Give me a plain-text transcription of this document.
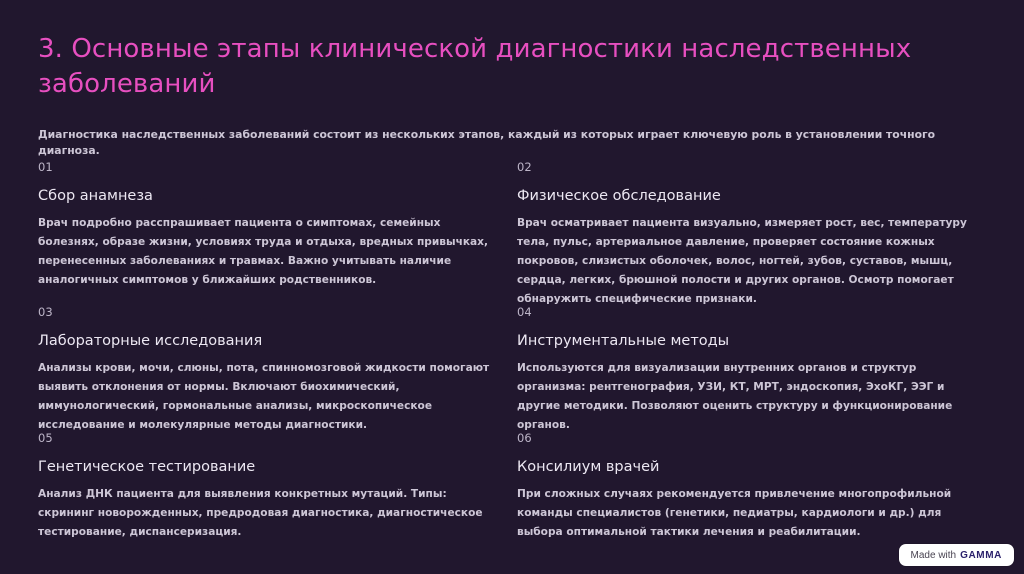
3. Основные этапы клинической диагностики наследственных заболеваний

Диагностика наследственных заболеваний состоит из нескольких этапов, каждый из которых играет ключевую роль в установлении точного диагноза.

01

Сбор анамнеза

Врач подробно расспрашивает пациента о симптомах, семейных болезнях, образе жизни, условиях труда и отдыха, вредных привычках, перенесенных заболеваниях и травмах. Важно учитывать наличие аналогичных симптомов у ближайших родственников.

02

Физическое обследование

Врач осматривает пациента визуально, измеряет рост, вес, температуру тела, пульс, артериальное давление, проверяет состояние кожных покровов, слизистых оболочек, волос, ногтей, зубов, суставов, мышц, сердца, легких, брюшной полости и других органов. Осмотр помогает обнаружить специфические признаки.

03

Лабораторные исследования

Анализы крови, мочи, слюны, пота, спинномозговой жидкости помогают выявить отклонения от нормы. Включают биохимический, иммунологический, гормональные анализы, микроскопическое исследование и молекулярные методы диагностики.

04

Инструментальные методы

Используются для визуализации внутренних органов и структур организма: рентгенография, УЗИ, КТ, МРТ, эндоскопия, ЭхоКГ, ЭЭГ и другие методики. Позволяют оценить структуру и функционирование органов.

05

Генетическое тестирование

Анализ ДНК пациента для выявления конкретных мутаций. Типы: скрининг новорожденных, предродовая диагностика, диагностическое тестирование, диспансеризация.

06

Консилиум врачей

При сложных случаях рекомендуется привлечение многопрофильной команды специалистов (генетики, педиатры, кардиологи и др.) для выбора оптимальной тактики лечения и реабилитации.

Made with GAMMA
